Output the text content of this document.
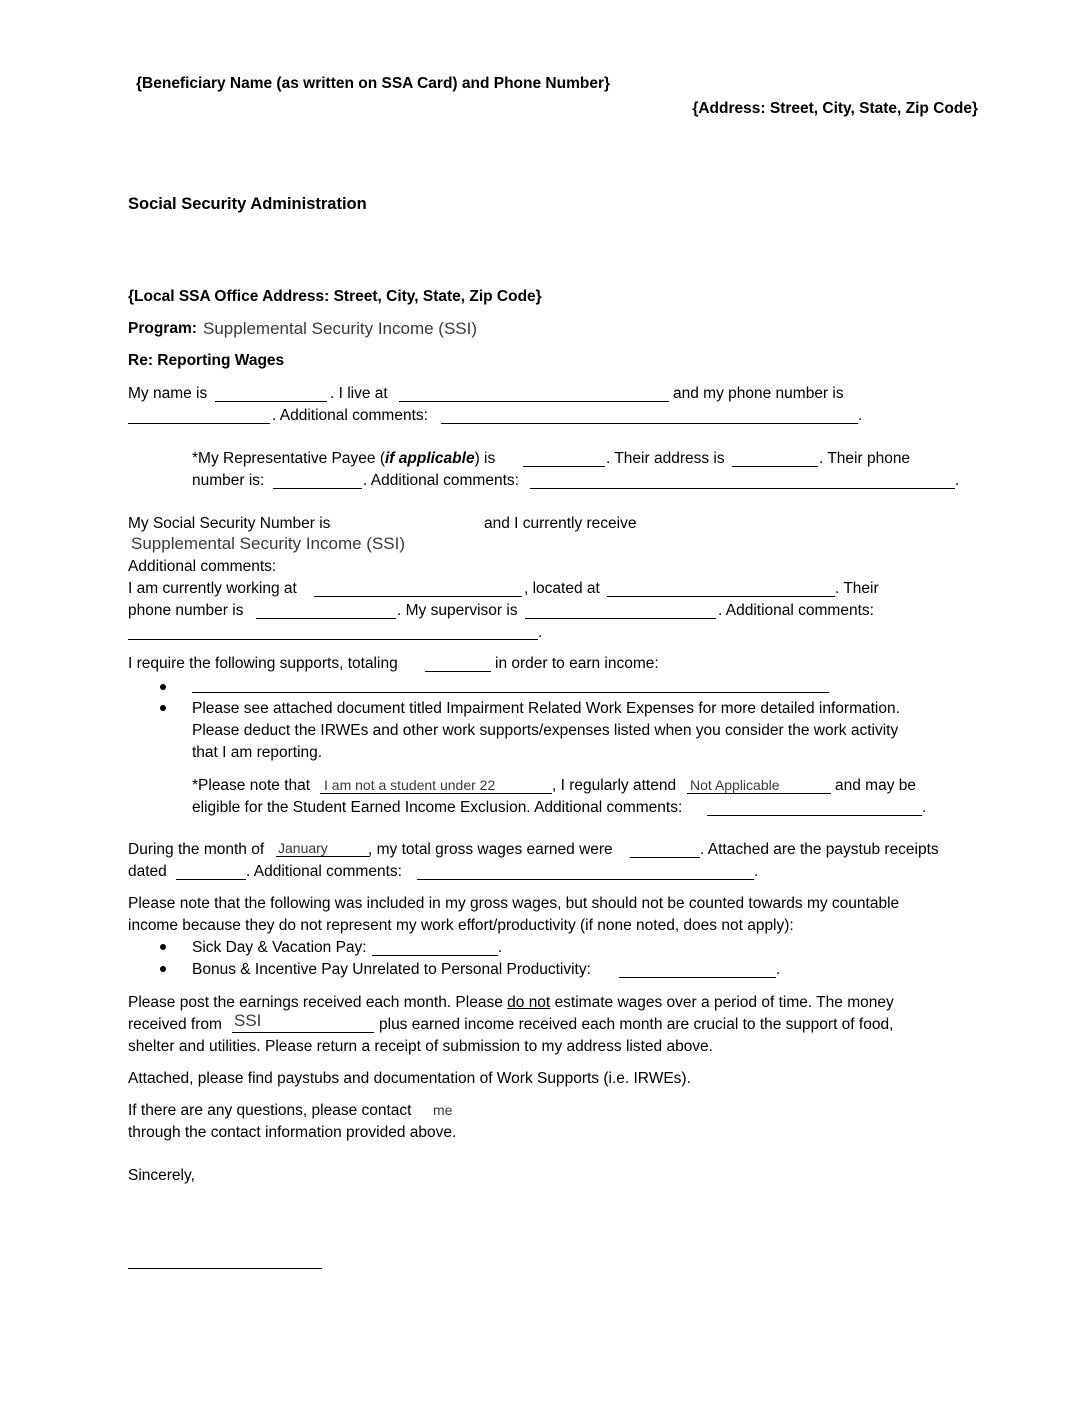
{Beneficiary Name (as written on SSA Card) and Phone Number}
{Address: Street, City, State, Zip Code}
Social Security Administration
{Local SSA Office Address: Street, City, State, Zip Code}
Program: Supplemental Security Income (SSI)
Re: Reporting Wages
My name is	. I live at	and my phone number is
. Additional comments:	.
*My Representative Payee (if applicable) is	. Their address is	. Their phone
number is:	. Additional comments:	.
My Social Security Number is	and I currently receive
Supplemental Security Income (SSI)
Additional comments:
I am currently working at	, located at	. Their
phone number is	. My supervisor is	. Additional comments:
.
I require the following supports, totaling	in order to earn income:
Please see attached document titled Impairment Related Work Expenses for more detailed information.
Please deduct the IRWEs and other work supports/expenses listed when you consider the work activity
that I am reporting.
*Please note that I am not a student under 22	, I regularly attend Not Applicable	and may be
eligible for the Student Earned Income Exclusion. Additional comments:	.
During the month of January	, my total gross wages earned were	. Attached are the paystub receipts
dated	. Additional comments:	.
Please note that the following was included in my gross wages, but should not be counted towards my countable
income because they do not represent my work effort/productivity (if none noted, does not apply):
Sick Day & Vacation Pay:	.
Bonus & Incentive Pay Unrelated to Personal Productivity:	.
Please post the earnings received each month. Please do not estimate wages over a period of time. The money
received from SSI	plus earned income received each month are crucial to the support of food,
shelter and utilities. Please return a receipt of submission to my address listed above.
Attached, please find paystubs and documentation of Work Supports (i.e. IRWEs).
If there are any questions, please contact me
through the contact information provided above.
Sincerely,
